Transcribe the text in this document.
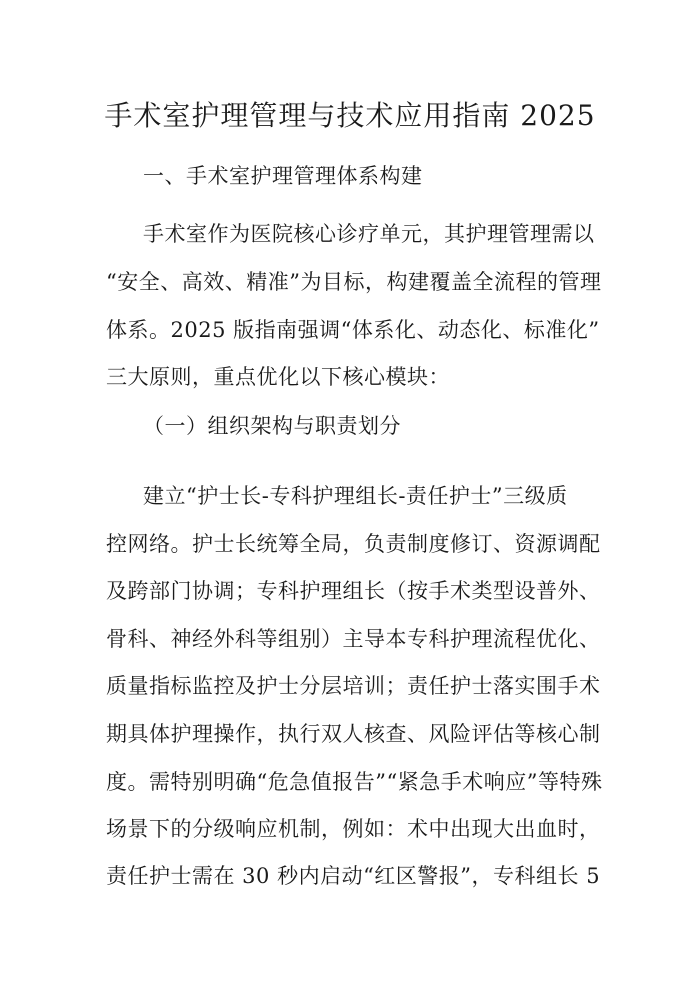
手术室护理管理与技术应用指南 2025
一、手术室护理管理体系构建
手术室作为医院核心诊疗单元，其护理管理需以
“安全、高效、精准”为目标，构建覆盖全流程的管理
体系。2025 版指南强调“体系化、动态化、标准化”
三大原则，重点优化以下核心模块：
（一）组织架构与职责划分
建立“护士长-专科护理组长-责任护士”三级质
控网络。护士长统筹全局，负责制度修订、资源调配
及跨部门协调；专科护理组长（按手术类型设普外、
骨科、神经外科等组别）主导本专科护理流程优化、
质量指标监控及护士分层培训；责任护士落实围手术
期具体护理操作，执行双人核查、风险评估等核心制
度。需特别明确“危急值报告”“紧急手术响应”等特殊
场景下的分级响应机制，例如：术中出现大出血时，
责任护士需在 30 秒内启动“红区警报”，专科组长 5
